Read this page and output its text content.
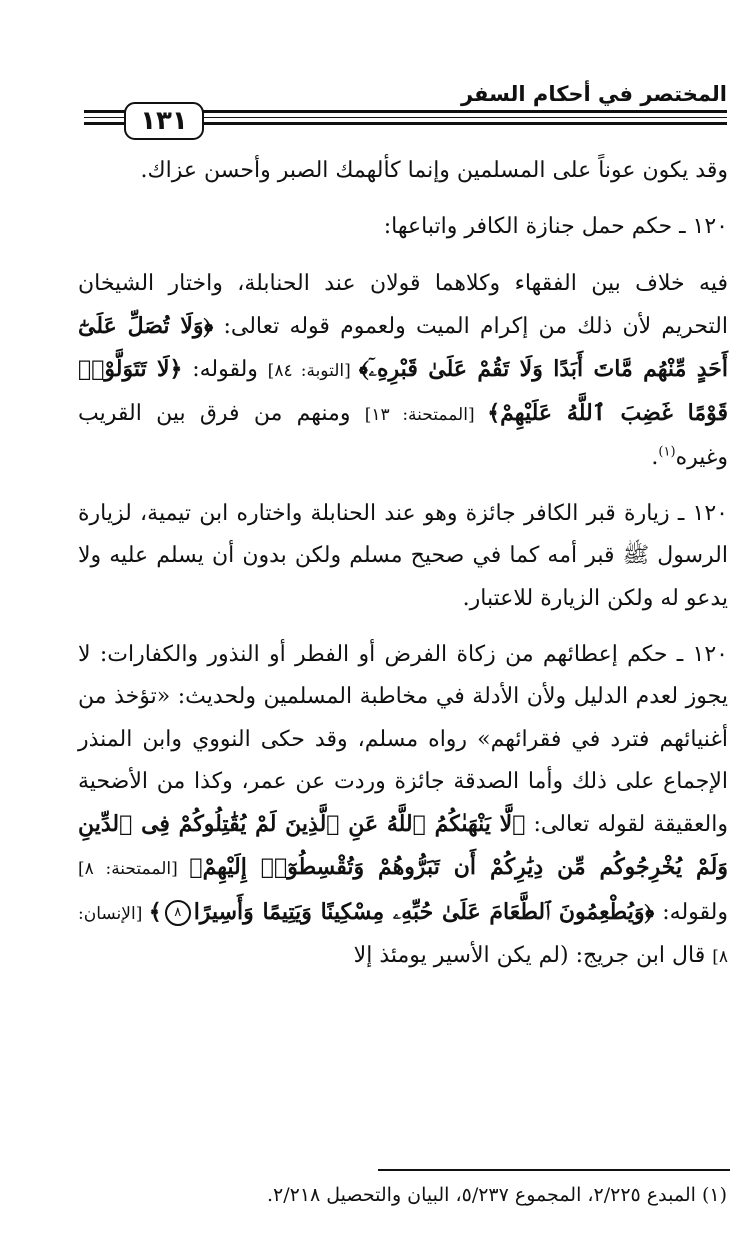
المختصر في أحكام السفر
١٣١

وقد يكون عوناً على المسلمين وإنما كألهمك الصبر وأحسن عزاك.

١٢٠ ـ حكم حمل جنازة الكافر واتباعها:

فيه خلاف بين الفقهاء وكلاهما قولان عند الحنابلة، واختار الشيخان التحريم لأن ذلك من إكرام الميت ولعموم قوله تعالى: ﴿وَلَا تُصَلِّ عَلَىٰٓ أَحَدٍ مِّنْهُم مَّاتَ أَبَدًا وَلَا تَقُمْ عَلَىٰ قَبْرِهِۦٓ﴾ [التوبة: ٨٤] ولقوله: ﴿لَا تَتَوَلَّوْا۟ قَوْمًا غَضِبَ ٱللَّهُ عَلَيْهِمْ﴾ [الممتحنة: ١٣] ومنهم من فرق بين القريب وغيره$^{(١)}$.

١٢٠ ـ زيارة قبر الكافر جائزة وهو عند الحنابلة واختاره ابن تيمية، لزيارة الرسول ﷺ قبر أمه كما في صحيح مسلم ولكن بدون أن يسلم عليه ولا يدعو له ولكن الزيارة للاعتبار.

١٢٠ ـ حكم إعطائهم من زكاة الفرض أو الفطر أو النذور والكفارات: لا يجوز لعدم الدليل ولأن الأدلة في مخاطبة المسلمين ولحديث: «تؤخذ من أغنيائهم فترد في فقرائهم» رواه مسلم، وقد حكى النووي وابن المنذر الإجماع على ذلك وأما الصدقة جائزة وردت عن عمر، وكذا من الأضحية والعقيقة لقوله تعالى: ﴿لَّا يَنْهَىٰكُمُ ٱللَّهُ عَنِ ٱلَّذِينَ لَمْ يُقَٰتِلُوكُمْ فِى ٱلدِّينِ وَلَمْ يُخْرِجُوكُم مِّن دِيَٰرِكُمْ أَن تَبَرُّوهُمْ وَتُقْسِطُوٓا۟ إِلَيْهِمْ﴾ [الممتحنة: ٨] ولقوله: ﴿وَيُطْعِمُونَ ٱلطَّعَامَ عَلَىٰ حُبِّهِۦ مِسْكِينًا وَيَتِيمًا وَأَسِيرًا٨﴾ [الإنسان: ٨] قال ابن جريج: (لم يكن الأسير يومئذ إلا

(١) المبدع ٢/٢٢٥، المجموع ٥/٢٣٧، البيان والتحصيل ٢/٢١٨.
